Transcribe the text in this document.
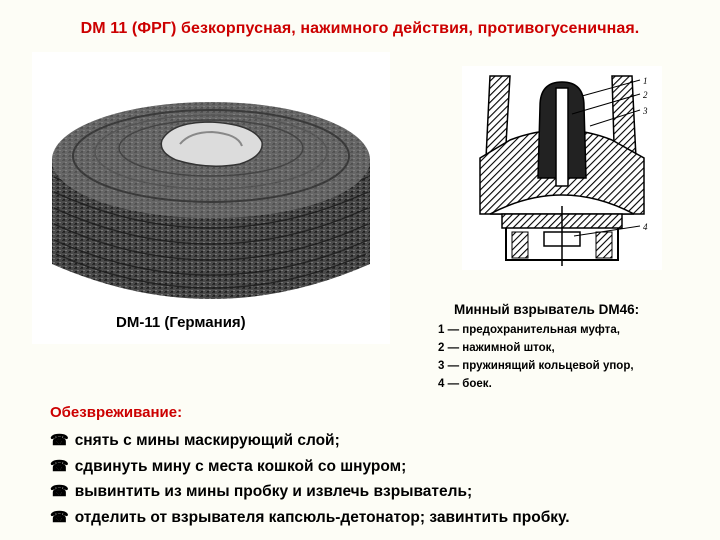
DM 11 (ФРГ) безкорпусная, нажимного действия, противогусеничная.
DM-11 (Германия)
1
2
3
4
Минный взрыватель DM46:
1 — предохранительная муфта,
2 — нажимной шток,
3 — пружинящий кольцевой упор,
4 — боек.
Обезвреживание:
☎ снять с мины маскирующий слой;
☎ сдвинуть мину с места кошкой со шнуром;
☎ вывинтить из мины пробку и извлечь взрыватель;
☎ отделить от взрывателя капсюль-детонатор; завинтить пробку.
